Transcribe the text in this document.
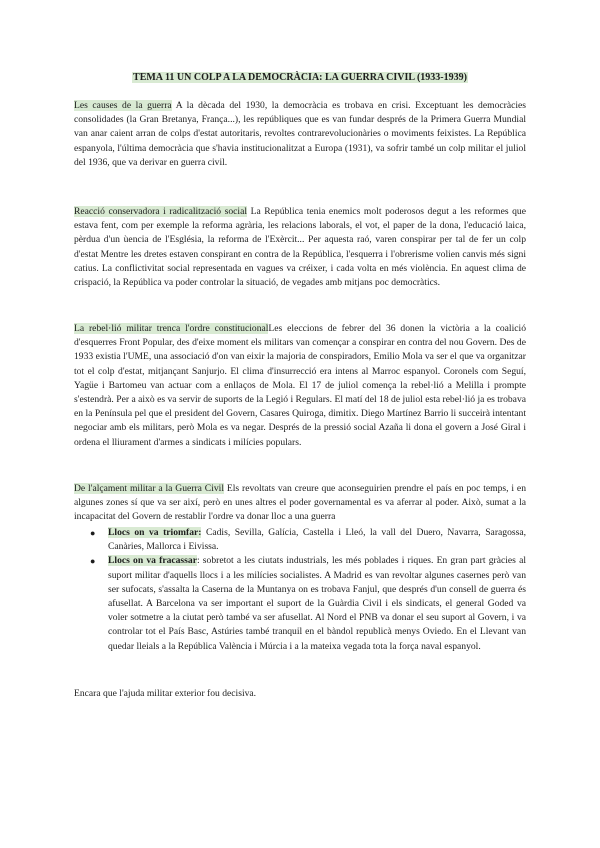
TEMA 11 UN COLP A LA DEMOCRÀCIA: LA GUERRA CIVIL (1933-1939)

Les causes de la guerra A la dècada del 1930, la democràcia es trobava en crisi. Exceptuant les democràcies consolidades (la Gran Bretanya, França...), les repúbliques que es van fundar després de la Primera Guerra Mundial van anar caient arran de colps d'estat autoritaris, revoltes contrarevolucionàries o moviments feixistes. La República espanyola, l'última democràcia que s'havia institucionalitzat a Europa (1931), va sofrir també un colp militar el juliol del 1936, que va derivar en guerra civil.

Reacció conservadora i radicalització social La República tenia enemics molt poderosos degut a les reformes que estava fent, com per exemple la reforma agrària, les relacions laborals, el vot, el paper de la dona, l'educació laica, pèrdua d'un ùencia de l'Església, la reforma de l'Exèrcit... Per aquesta raó, varen conspirar per tal de fer un colp d'estat Mentre les dretes estaven conspirant en contra de la República, l'esquerra i l'obrerisme volien canvis més signi catius. La conflictivitat social representada en vagues va créixer, i cada volta en més violència. En aquest clima de crispació, la República va poder controlar la situació, de vegades amb mitjans poc democràtics.

La rebel·lió militar trenca l'ordre constitucionalLes eleccions de febrer del 36 donen la victòria a la coalició d'esquerres Front Popular, des d'eixe moment els militars van començar a conspirar en contra del nou Govern. Des de 1933 existia l'UME, una associació d'on van eixir la majoria de conspiradors, Emilio Mola va ser el que va organitzar tot el colp d'estat, mitjançant Sanjurjo. El clima d'insurrecció era intens al Marroc espanyol. Coronels com Seguí, Yagüe i Bartomeu van actuar com a enllaços de Mola. El 17 de juliol comença la rebel·lió a Melilla i prompte s'estendrà. Per a això es va servir de suports de la Legió i Regulars. El matí del 18 de juliol esta rebel·lió ja es trobava en la Península pel que el president del Govern, Casares Quiroga, dimitix. Diego Martínez Barrio li succeirà intentant negociar amb els militars, però Mola es va negar. Després de la pressió social Azaña li dona el govern a José Giral i ordena el lliurament d'armes a sindicats i milícies populars.

De l'alçament militar a la Guerra Civil Els revoltats van creure que aconseguirien prendre el país en poc temps, i en algunes zones sí que va ser així, però en unes altres el poder governamental es va aferrar al poder. Això, sumat a la incapacitat del Govern de restablir l'ordre va donar lloc a una guerra

● Llocs on va triomfar: Cadis, Sevilla, Galícia, Castella i Lleó, la vall del Duero, Navarra, Saragossa, Canàries, Mallorca i Eivissa.
● Llocs on va fracassar: sobretot a les ciutats industrials, les més poblades i riques. En gran part gràcies al suport militar d'aquells llocs i a les milícies socialistes. A Madrid es van revoltar algunes casernes però van ser sufocats, s'assalta la Caserna de la Muntanya on es trobava Fanjul, que després d'un consell de guerra és afusellat. A Barcelona va ser important el suport de la Guàrdia Civil i els sindicats, el general Goded va voler sotmetre a la ciutat però també va ser afusellat. Al Nord el PNB va donar el seu suport al Govern, i va controlar tot el País Basc, Astúries també tranquil en el bàndol republicà menys Oviedo. En el Llevant van quedar lleials a la República València i Múrcia i a la mateixa vegada tota la força naval espanyol.

Encara que l'ajuda militar exterior fou decisiva.
